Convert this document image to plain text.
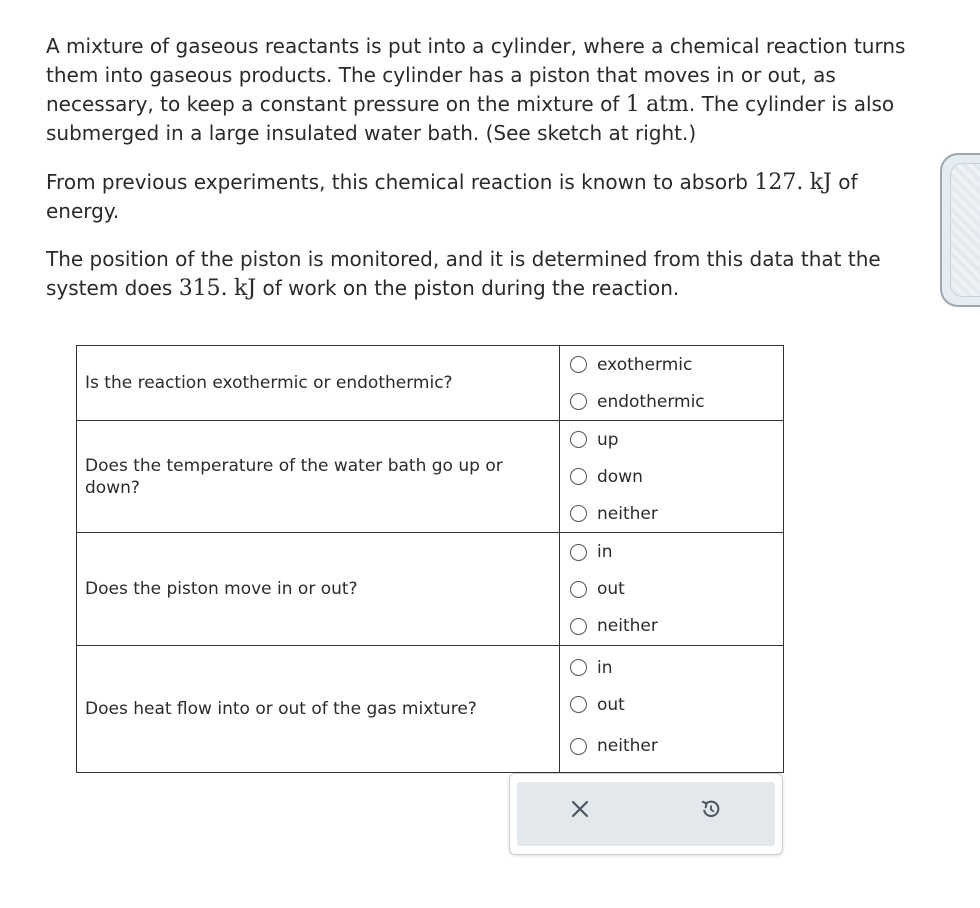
A mixture of gaseous reactants is put into a cylinder, where a chemical reaction turns them into gaseous products. The cylinder has a piston that moves in or out, as necessary, to keep a constant pressure on the mixture of 1 atm. The cylinder is also submerged in a large insulated water bath. (See sketch at right.)

From previous experiments, this chemical reaction is known to absorb 127. kJ of energy.

The position of the piston is monitored, and it is determined from this data that the system does 315. kJ of work on the piston during the reaction.

Is the reaction exothermic or endothermic?	exothermic
endothermic

Does the temperature of the water bath go up or down?	up
down
neither

Does the piston move in or out?	in
out
neither

Does heat flow into or out of the gas mixture?	in
out
neither
